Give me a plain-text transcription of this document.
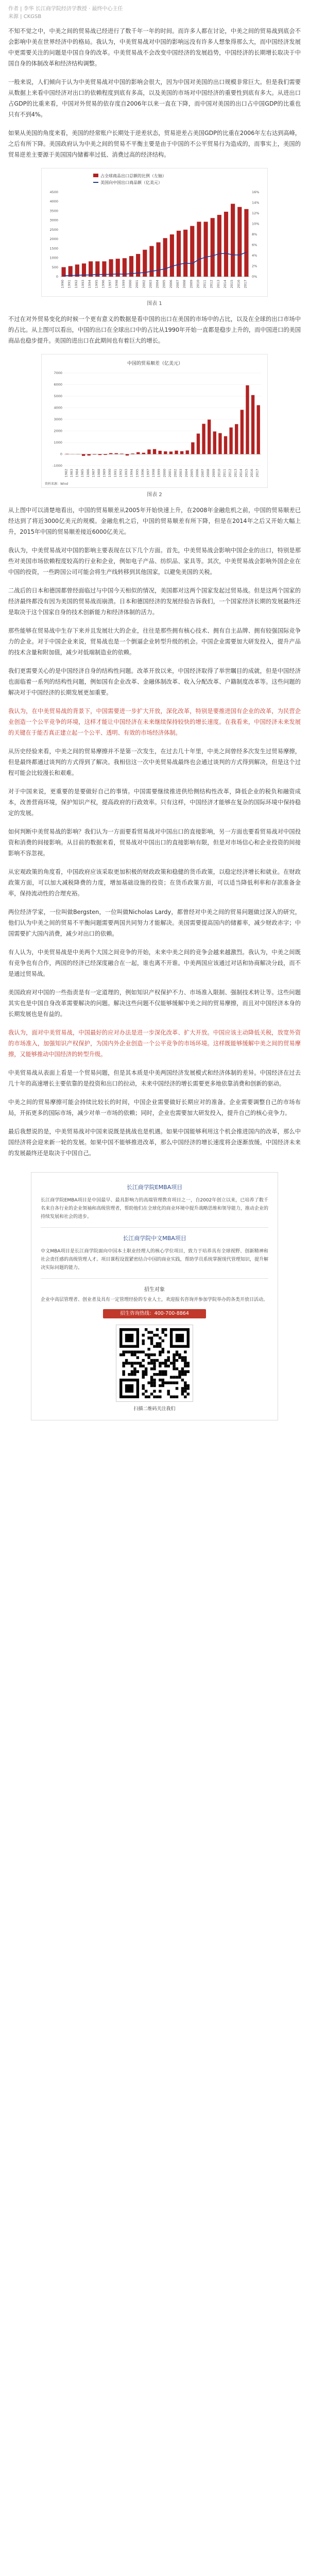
作者 | 李华 长江商学院经济学教授 · 最终中心主任
来源 | CKGSB

不知不觉之中，中美之间的贸易战已经进行了数千年一年的时间。而许多人都在讨论，中美之间的贸易战到底会不会影响中美在世界经济中的格局。我认为，中美贸易战对中国的影响远没有许多人想象得那么大，而中国经济发展中更需要关注的问题是中国自身的改革。中美贸易战不会改变中国经济的发展趋势，中国经济的长期增长取决于中国自身的体制改革和经济结构调整。

一般来说，人们倾向于认为中美贸易战对中国的影响会很大，因为中国对美国的出口规模非常巨大。但是我们需要从数据上来看中国经济对出口的依赖程度到底有多高，以及美国的市场对中国经济的重要性到底有多大。从进出口占GDP的比重来看，中国对外贸易的依存度自2006年以来一直在下降，而中国对美国的出口占中国GDP的比重也只有不到4%。

如果从美国的角度来看，美国的经常账户长期处于逆差状态，贸易逆差占美国GDP的比重在2006年左右达到高峰，之后有所下降。美国政府认为中美之间的贸易不平衡主要是由于中国的不公平贸易行为造成的，而事实上，美国的贸易逆差主要源于美国国内储蓄率过低、消费过高的经济结构。

占全球商品出口总额的比例（左轴）
美国向中国出口商品额（亿美元）
0
500
1000
1500
2000
2500
3000
3500
4000
4500
0%
2%
4%
6%
8%
10%
12%
14%
16%
1990 1991 1992 1993 1994 1995 1996 1997 1998 1999 2000 2001 2002 2003 2004 2005 2006 2007 2008 2009 2010 2011 2012 2013 2014 2015 2016 2017
图表 1

不过在对外贸易变化的时候一个更有意义的数据是看中国的出口在美国的市场中的占比，以及在全球的出口市场中的占比。从上图可以看出，中国的出口在全球出口中的占比从1990年开始一直都是稳步上升的，而中国进口的美国商品也稳步提升。美国的进出口在此期间也有着巨大的增长。

中国的贸易顺差（亿美元）
-1000
0
1000
2000
3000
4000
5000
6000
7000
1982 1983 1984 1985 1986 1987 1988 1989 1990 1991 1992 1993 1994 1995 1996 1997 1998 1999 2000 2001 2002 2003 2004 2005 2006 2007 2008 2009 2010 2011 2012 2013 2014 2015 2016 2017
资料来源：Wind
图表 2

从上图中可以清楚地看出，中国的贸易顺差从2005年开始快速上升，在2008年金融危机之前，中国的贸易顺差已经达到了将近3000亿美元的规模。金融危机之后，中国的贸易顺差有所下降，但是在2014年之后又开始大幅上升，2015年中国的贸易顺差接近6000亿美元。

我认为，中美贸易战对中国的影响主要表现在以下几个方面。首先，中美贸易战会影响中国企业的出口，特别是那些对美国市场依赖程度较高的行业和企业，例如电子产品、纺织品、家具等。其次，中美贸易战会影响外国企业在中国的投资，一些跨国公司可能会将生产线转移到其他国家，以避免美国的关税。

二战后的日本和德国都曾经面临过与中国今天相似的情况，美国都对这两个国家发起过贸易战。但是这两个国家的经济最终都没有因为美国的贸易战而崩溃。日本和德国经济的发展经验告诉我们，一个国家经济长期的发展最终还是取决于这个国家自身的技术创新能力和经济体制的活力。

那些能够在贸易战中生存下来并且发展壮大的企业，往往是那些拥有核心技术、拥有自主品牌、拥有较强国际竞争力的企业。对于中国企业来说，贸易战也是一个倒逼企业转型升级的机会。中国企业需要加大研发投入，提升产品的技术含量和附加值，减少对低端制造业的依赖。

我们更需要关心的是中国经济自身的结构性问题。改革开放以来，中国经济取得了举世瞩目的成就，但是中国经济也面临着一系列的结构性问题，例如国有企业改革、金融体制改革、收入分配改革、户籍制度改革等。这些问题的解决对于中国经济的长期发展更加重要。

我认为，在中美贸易战的背景下，中国需要进一步扩大开放，深化改革，特别是要推进国有企业的改革，为民营企业创造一个公平竞争的环境，这样才能让中国经济在未来继续保持较快的增长速度。在我看来，中国经济未来发展的关键在于能否真正建立起一个公平、透明、有效的市场经济体制。

从历史经验来看，中美之间的贸易摩擦并不是第一次发生，在过去几十年里，中美之间曾经多次发生过贸易摩擦，但是最终都通过谈判的方式得到了解决。我相信这一次中美贸易战最终也会通过谈判的方式得到解决，但是这个过程可能会比较漫长和艰难。

对于中国来说，更重要的是要做好自己的事情。中国需要继续推进供给侧结构性改革，降低企业的税负和融资成本，改善营商环境，保护知识产权，提高政府的行政效率。只有这样，中国经济才能够在复杂的国际环境中保持稳定的发展。

如何判断中美贸易战的影响？我们认为一方面要看贸易战对中国出口的直接影响，另一方面也要看贸易战对中国投资和消费的间接影响。从目前的数据来看，贸易战对中国出口的直接影响有限，但是对市场信心和企业投资的间接影响不容忽视。

从宏观政策的角度看，中国政府应该采取更加积极的财政政策和稳健的货币政策，以稳定经济增长和就业。在财政政策方面，可以加大减税降费的力度，增加基础设施的投资；在货币政策方面，可以适当降低利率和存款准备金率，保持流动性的合理充裕。

两位经济学家，一位叫做Bergsten，一位叫做Nicholas Lardy，都曾经对中美之间的贸易问题做过深入的研究，他们认为中美之间的贸易不平衡问题需要两国共同努力才能解决。美国需要提高国内的储蓄率，减少财政赤字；中国需要扩大国内消费，减少对出口的依赖。

有人认为，中美贸易战是中美两个大国之间竞争的开始，未来中美之间的竞争会越来越激烈。我认为，中美之间既有竞争也有合作，两国的经济已经深度融合在一起，谁也离不开谁。中美两国应该通过对话和协商解决分歧，而不是通过贸易战。

美国政府对中国的一些指责是有一定道理的，例如知识产权保护不力、市场准入限制、强制技术转让等。这些问题其实也是中国自身改革需要解决的问题。解决这些问题不仅能够缓解中美之间的贸易摩擦，而且对中国经济本身的长期发展也是有益的。

我认为，面对中美贸易战，中国最好的应对办法是进一步深化改革、扩大开放。中国应该主动降低关税，放宽外资的市场准入，加强知识产权保护，为国内外企业创造一个公平竞争的市场环境。这样既能够缓解中美之间的贸易摩擦，又能够推动中国经济的转型升级。

中美贸易战从表面上看是一个贸易问题，但是其本质是中美两国经济发展模式和经济体制的差异。中国经济在过去几十年的高速增长主要依靠的是投资和出口的拉动，未来中国经济的增长需要更多地依靠消费和创新的驱动。

中美之间的贸易摩擦可能会持续比较长的时间，中国企业需要做好长期应对的准备。企业需要调整自己的市场布局，开拓更多的国际市场，减少对单一市场的依赖；同时，企业也需要加大研发投入，提升自己的核心竞争力。

最后我想说的是，中美贸易战对中国来说既是挑战也是机遇。如果中国能够利用这个机会推进国内的改革，那么中国经济将会迎来新一轮的发展。如果中国不能够推进改革，那么中国经济的增长速度将会逐渐放缓。中国经济未来的发展最终还是取决于中国自己。

长江商学院EMBA项目

长江商学院EMBA项目是中国最早、最具影响力的高端管理教育项目之一，自2002年创立以来，已培养了数千名来自各行业的企业领袖和高级管理者，帮助他们在全球化的商业环境中提升战略思维和领导能力，推动企业的持续发展和社会的进步。

长江商学院中文MBA项目

中文MBA项目是长江商学院面向中国本土职业经理人的核心学位项目，致力于培养具有全球视野、创新精神和社会责任感的高级管理人才。项目课程设置紧密结合中国的商业实践，帮助学员系统掌握现代管理知识，提升解决实际问题的能力。

招生对象

企业中高层管理者、创业者及具有一定管理经验的专业人士，欢迎报名咨询并参加学院举办的各类开放日活动。

招生咨询热线：400-700-8864
扫描二维码关注我们
